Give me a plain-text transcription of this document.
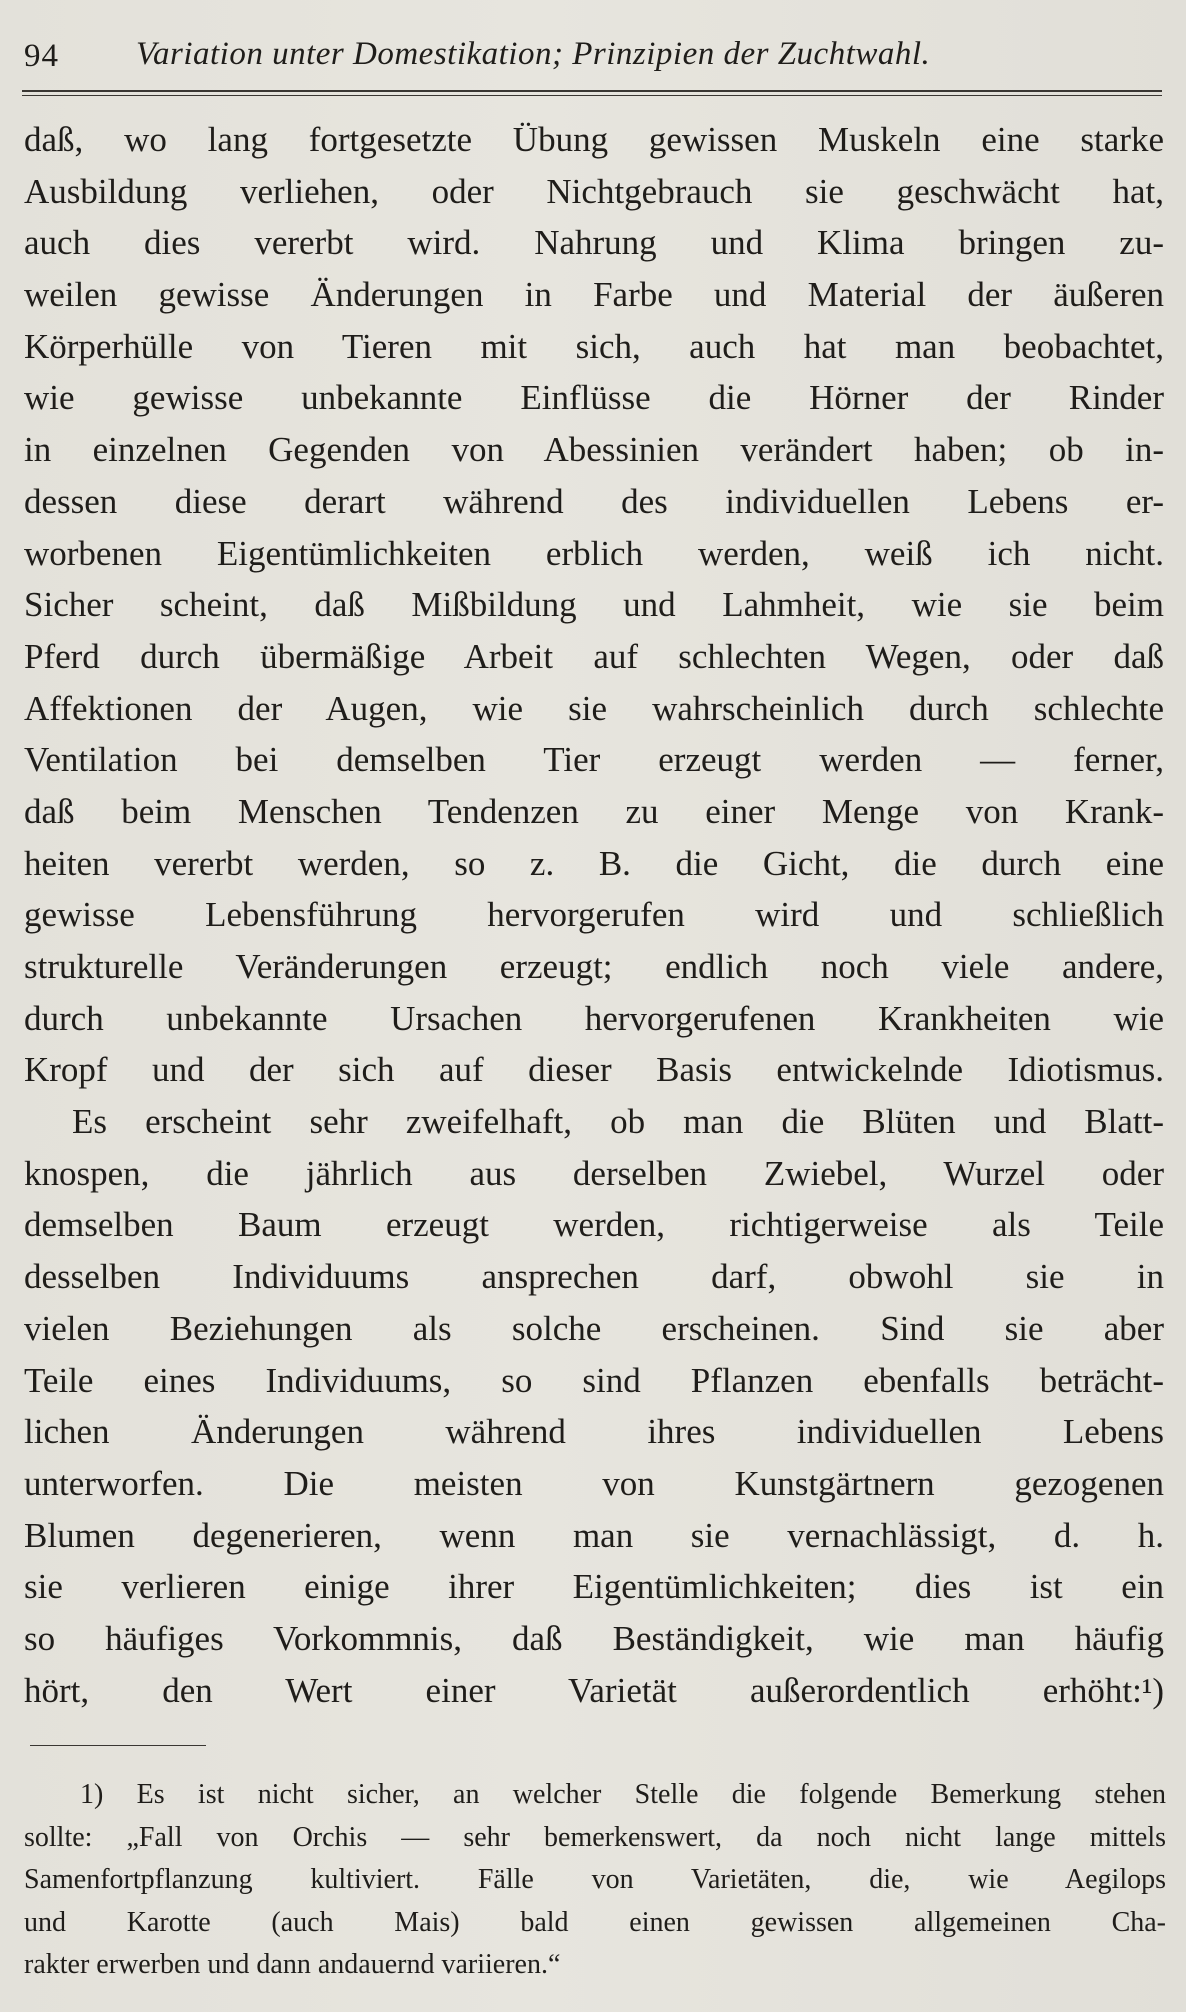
94 Variation unter Domestikation; Prinzipien der Zuchtwahl.
daß, wo lang fortgesetzte Übung gewissen Muskeln eine starke
Ausbildung verliehen, oder Nichtgebrauch sie geschwächt hat,
auch dies vererbt wird. Nahrung und Klima bringen zu-
weilen gewisse Änderungen in Farbe und Material der äußeren
Körperhülle von Tieren mit sich, auch hat man beobachtet,
wie gewisse unbekannte Einflüsse die Hörner der Rinder
in einzelnen Gegenden von Abessinien verändert haben; ob in-
dessen diese derart während des individuellen Lebens er-
worbenen Eigentümlichkeiten erblich werden, weiß ich nicht.
Sicher scheint, daß Mißbildung und Lahmheit, wie sie beim
Pferd durch übermäßige Arbeit auf schlechten Wegen, oder daß
Affektionen der Augen, wie sie wahrscheinlich durch schlechte
Ventilation bei demselben Tier erzeugt werden — ferner,
daß beim Menschen Tendenzen zu einer Menge von Krank-
heiten vererbt werden, so z. B. die Gicht, die durch eine
gewisse Lebensführung hervorgerufen wird und schließlich
strukturelle Veränderungen erzeugt; endlich noch viele andere,
durch unbekannte Ursachen hervorgerufenen Krankheiten wie
Kropf und der sich auf dieser Basis entwickelnde Idiotismus.
Es erscheint sehr zweifelhaft, ob man die Blüten und Blatt-
knospen, die jährlich aus derselben Zwiebel, Wurzel oder
demselben Baum erzeugt werden, richtigerweise als Teile
desselben Individuums ansprechen darf, obwohl sie in
vielen Beziehungen als solche erscheinen. Sind sie aber
Teile eines Individuums, so sind Pflanzen ebenfalls beträcht-
lichen Änderungen während ihres individuellen Lebens
unterworfen. Die meisten von Kunstgärtnern gezogenen
Blumen degenerieren, wenn man sie vernachlässigt, d. h.
sie verlieren einige ihrer Eigentümlichkeiten; dies ist ein
so häufiges Vorkommnis, daß Beständigkeit, wie man häufig
hört, den Wert einer Varietät außerordentlich erhöht:¹)
1) Es ist nicht sicher, an welcher Stelle die folgende Bemerkung stehen
sollte: „Fall von Orchis — sehr bemerkenswert, da noch nicht lange mittels
Samenfortpflanzung kultiviert. Fälle von Varietäten, die, wie Aegilops
und Karotte (auch Mais) bald einen gewissen allgemeinen Cha-
rakter erwerben und dann andauernd variieren.“
